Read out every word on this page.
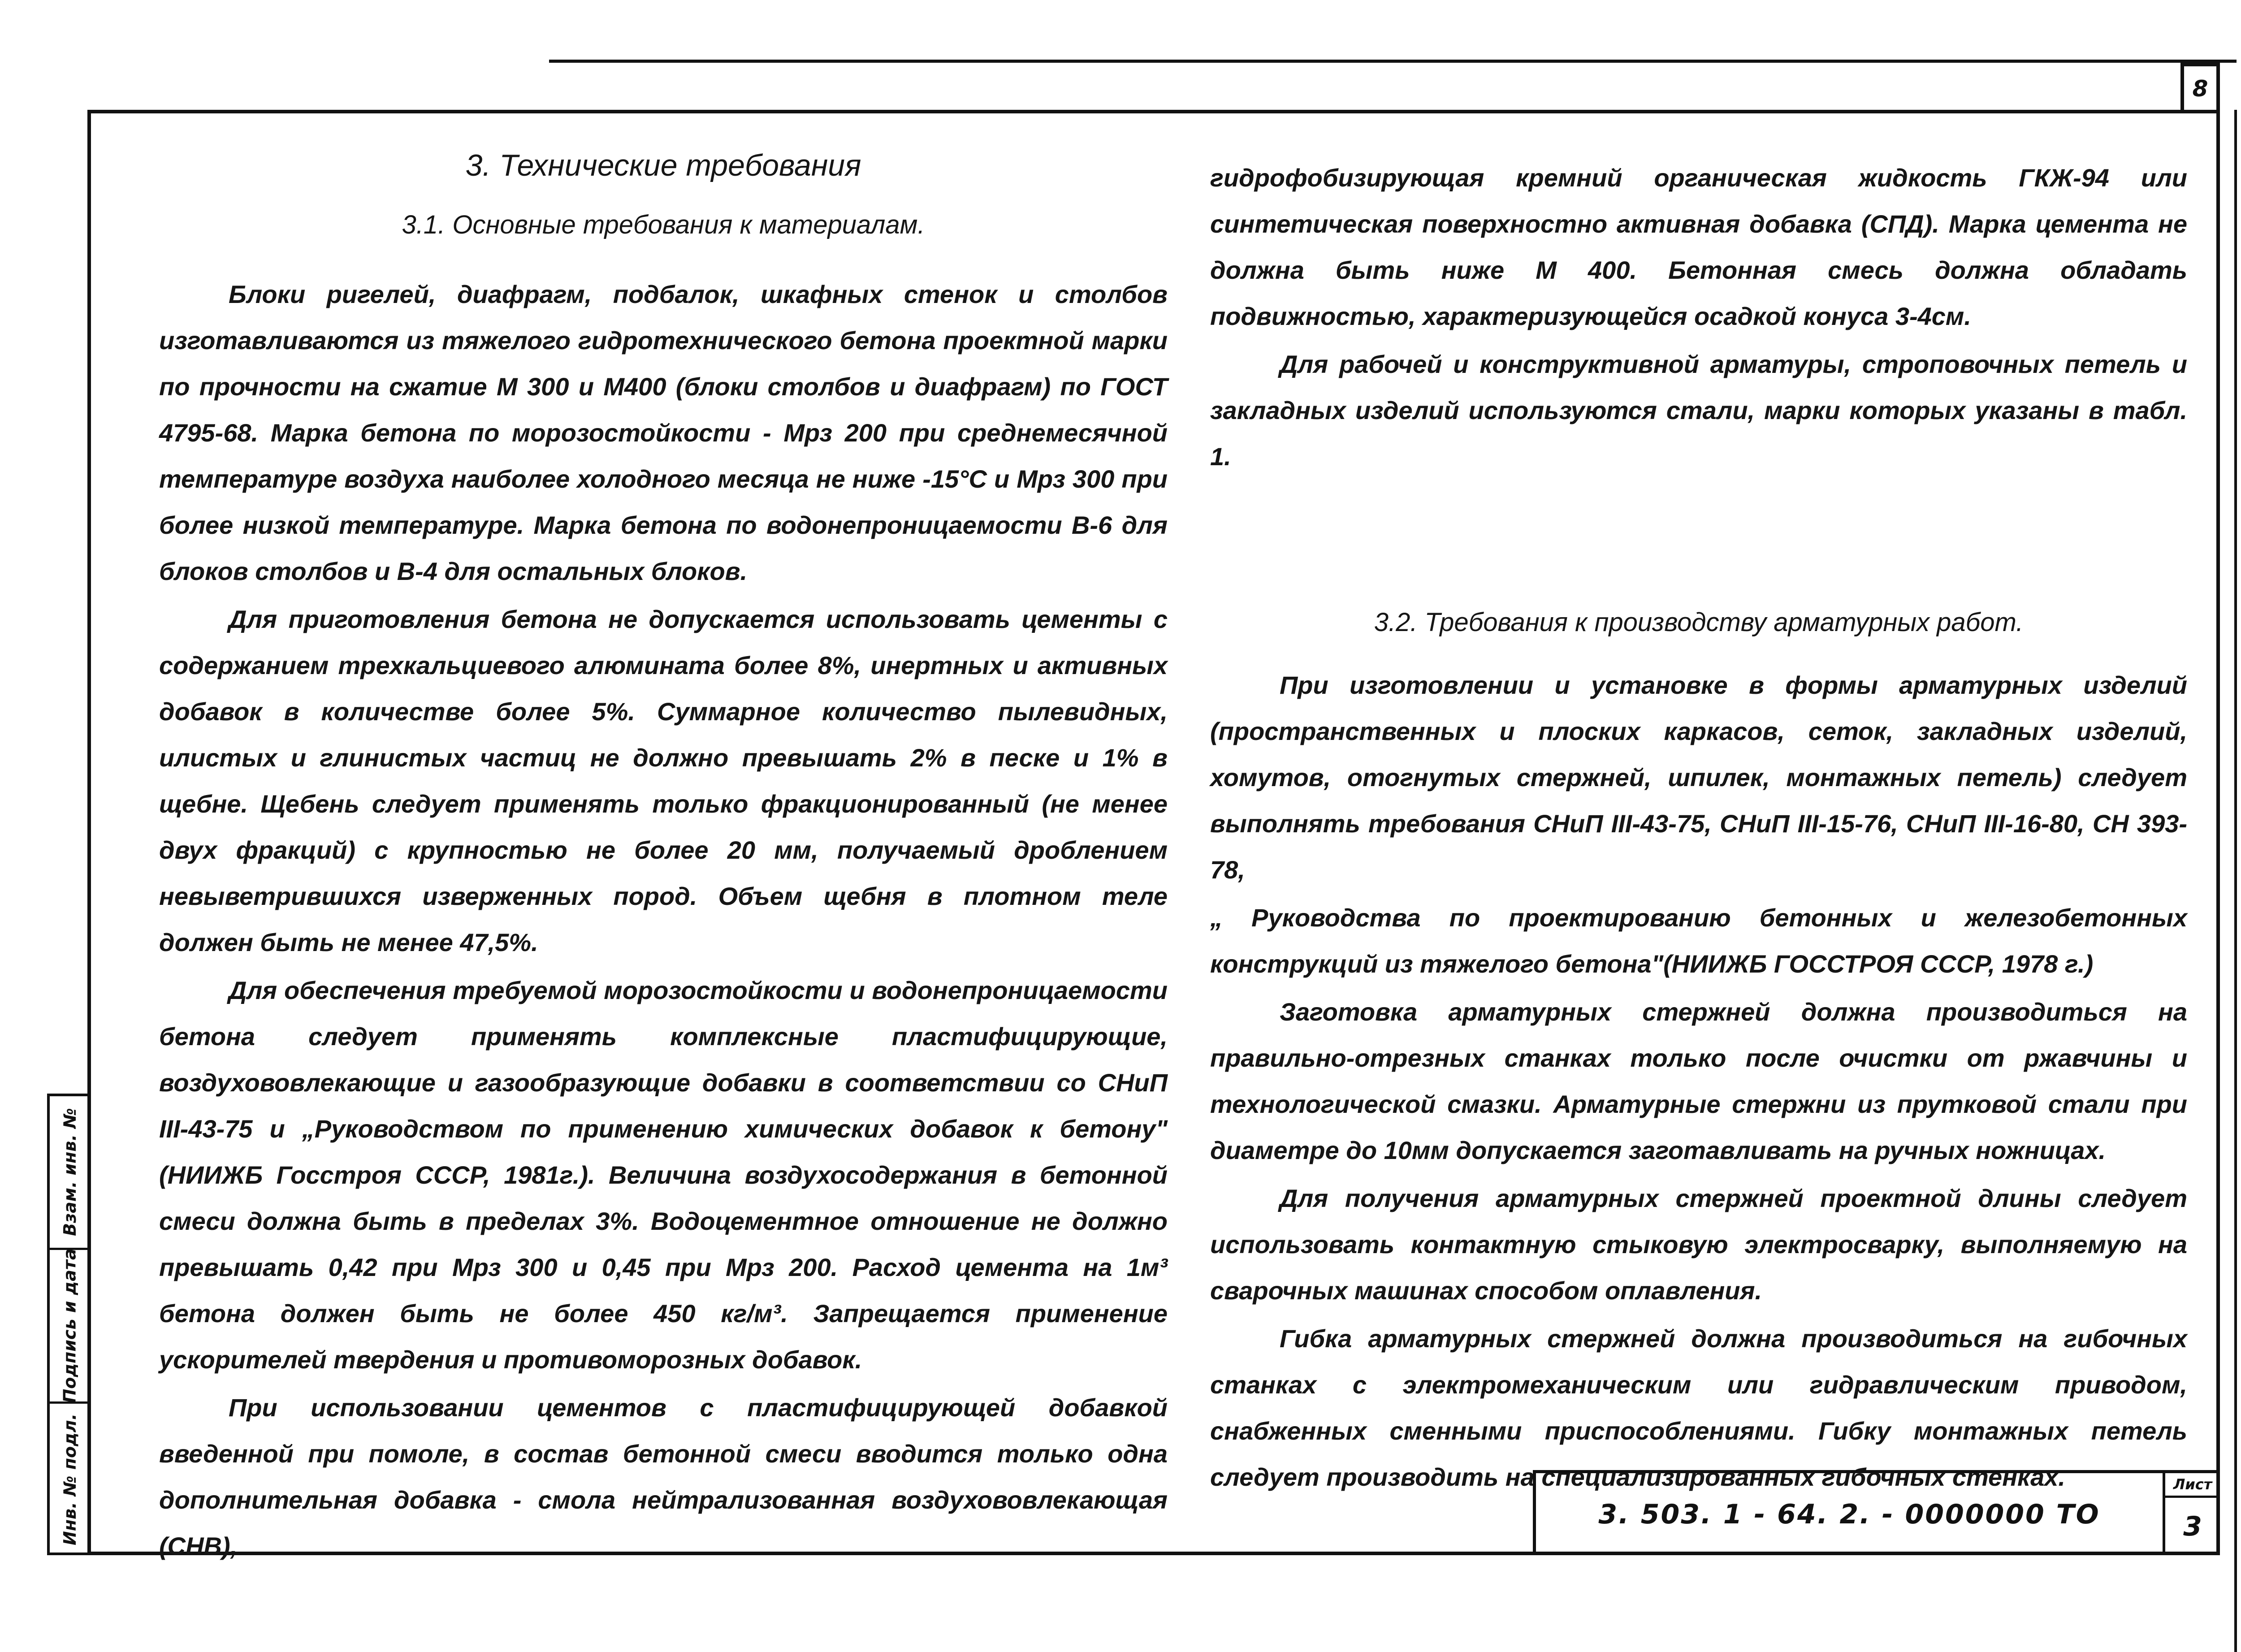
8
Взам. инв. №
Подпись и дата
Инв. № подл.
3. Технические требования
3.1. Основные требования к материалам.

Блоки ригелей, диафрагм, подбалок, шкафных стенок и столбов изготавливаются из тяжелого гидротехнического бетона проектной марки по прочности на сжатие М 300 и М400 (блоки столбов и диафрагм) по ГОСТ 4795-68. Марка бетона по морозостойкости - Мрз 200 при среднемесячной температуре воздуха наиболее холодного месяца не ниже -15°С и Мрз 300 при более низкой температуре. Марка бетона по водонепроницаемости В-6 для блоков столбов и В-4 для остальных блоков.

Для приготовления бетона не допускается использовать цементы с содержанием трехкальциевого алюмината более 8%, инертных и активных добавок в количестве более 5%. Суммарное количество пылевидных, илистых и глинистых частиц не должно превышать 2% в песке и 1% в щебне. Щебень следует применять только фракционированный (не менее двух фракций) с крупностью не более 20 мм, получаемый дроблением невыветрившихся изверженных пород. Объем щебня в плотном теле должен быть не менее 47,5%.

Для обеспечения требуемой морозостойкости и водонепроницаемости бетона следует применять комплексные пластифицирующие, воздухововлекающие и газообразующие добавки в соответствии со СНиП III-43-75 и „Руководством по применению химических добавок к бетону"(НИИЖБ Госстроя СССР, 1981г.). Величина воздухосодержания в бетонной смеси должна быть в пределах 3%. Водоцементное отношение не должно превышать 0,42 при Мрз 300 и 0,45 при Мрз 200. Расход цемента на 1м³ бетона должен быть не более 450 кг/м³. Запрещается применение ускорителей твердения и противоморозных добавок.

При использовании цементов с пластифицирующей добавкой введенной при помоле, в состав бетонной смеси вводится только одна дополнительная добавка - смола нейтрализованная воздухововлекающая (СНВ),

гидрофобизирующая кремний органическая жидкость ГКЖ-94 или синтетическая поверхностно активная добавка (СПД). Марка цемента не должна быть ниже М 400. Бетонная смесь должна обладать подвижностью, характеризующейся осадкой конуса 3-4см.

Для рабочей и конструктивной арматуры, строповочных петель и закладных изделий используются стали, марки которых указаны в табл. 1.

3.2. Требования к производству арматурных работ.

При изготовлении и установке в формы арматурных изделий (пространственных и плоских каркасов, сеток, закладных изделий, хомутов, отогнутых стержней, шпилек, монтажных петель) следует выполнять требования СНиП III-43-75, СНиП III-15-76, СНиП III-16-80, СН 393-78,

„ Руководства по проектированию бетонных и железобетонных конструкций из тяжелого бетона"(НИИЖБ ГОССТРОЯ СССР, 1978 г.)

Заготовка арматурных стержней должна производиться на правильно-отрезных станках только после очистки от ржавчины и технологической смазки. Арматурные стержни из прутковой стали при диаметре до 10мм допускается заготавливать на ручных ножницах.

Для получения арматурных стержней проектной длины следует использовать контактную стыковую электросварку, выполняемую на сварочных машинах способом оплавления.

Гибка арматурных стержней должна производиться на гибочных станках с электромеханическим или гидравлическим приводом, снабженных сменными приспособлениями. Гибку монтажных петель следует производить на специализированных гибочных стенках.

3. 503. 1 - 64. 2. - 0000000 ТО
Лист
3
